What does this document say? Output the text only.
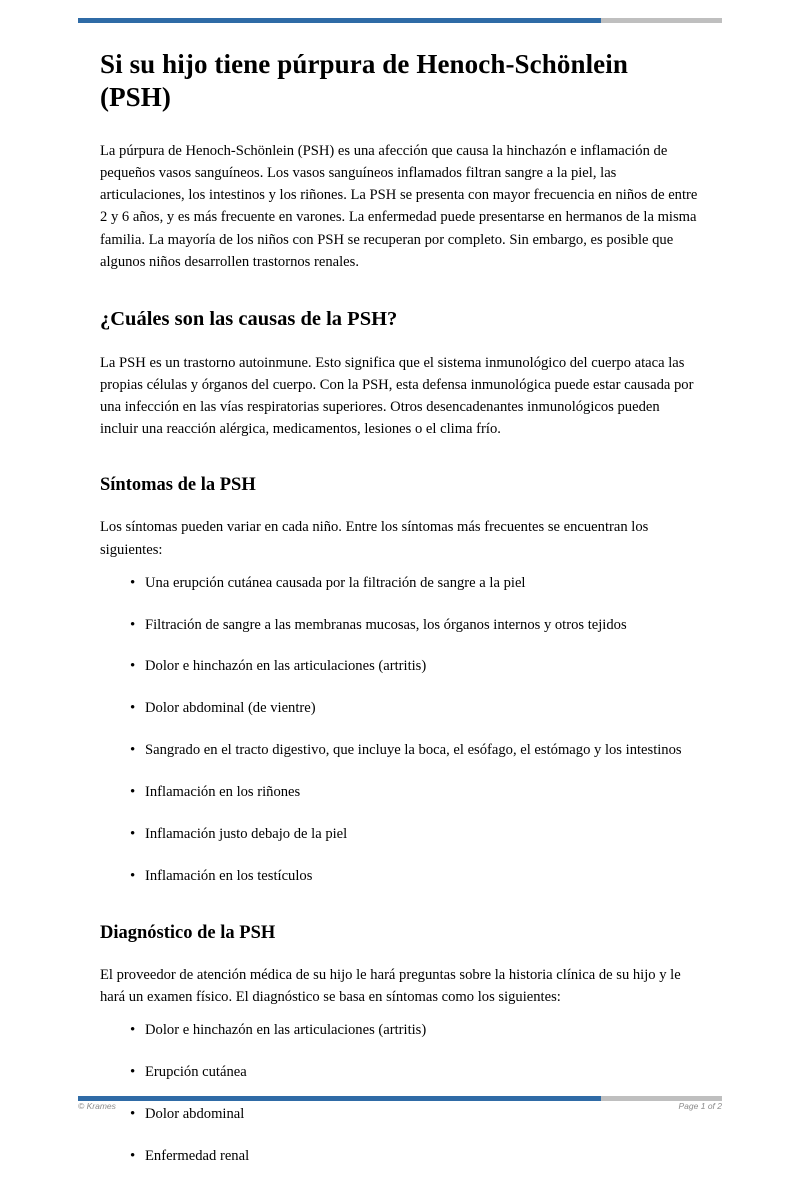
Si su hijo tiene púrpura de Henoch-Schönlein (PSH)

La púrpura de Henoch-Schönlein (PSH) es una afección que causa la hinchazón e inflamación de pequeños vasos sanguíneos. Los vasos sanguíneos inflamados filtran sangre a la piel, las articulaciones, los intestinos y los riñones. La PSH se presenta con mayor frecuencia en niños de entre 2 y 6 años, y es más frecuente en varones. La enfermedad puede presentarse en hermanos de la misma familia. La mayoría de los niños con PSH se recuperan por completo. Sin embargo, es posible que algunos niños desarrollen trastornos renales.

¿Cuáles son las causas de la PSH?

La PSH es un trastorno autoinmune. Esto significa que el sistema inmunológico del cuerpo ataca las propias células y órganos del cuerpo. Con la PSH, esta defensa inmunológica puede estar causada por una infección en las vías respiratorias superiores. Otros desencadenantes inmunológicos pueden incluir una reacción alérgica, medicamentos, lesiones o el clima frío.

Síntomas de la PSH

Los síntomas pueden variar en cada niño. Entre los síntomas más frecuentes se encuentran los siguientes:

• Una erupción cutánea causada por la filtración de sangre a la piel
• Filtración de sangre a las membranas mucosas, los órganos internos y otros tejidos
• Dolor e hinchazón en las articulaciones (artritis)
• Dolor abdominal (de vientre)
• Sangrado en el tracto digestivo, que incluye la boca, el esófago, el estómago y los intestinos
• Inflamación en los riñones
• Inflamación justo debajo de la piel
• Inflamación en los testículos
Diagnóstico de la PSH

El proveedor de atención médica de su hijo le hará preguntas sobre la historia clínica de su hijo y le hará un examen físico. El diagnóstico se basa en síntomas como los siguientes:

• Dolor e hinchazón en las articulaciones (artritis)
• Erupción cutánea
• Dolor abdominal
• Enfermedad renal
© Krames	Page 1 of 2
